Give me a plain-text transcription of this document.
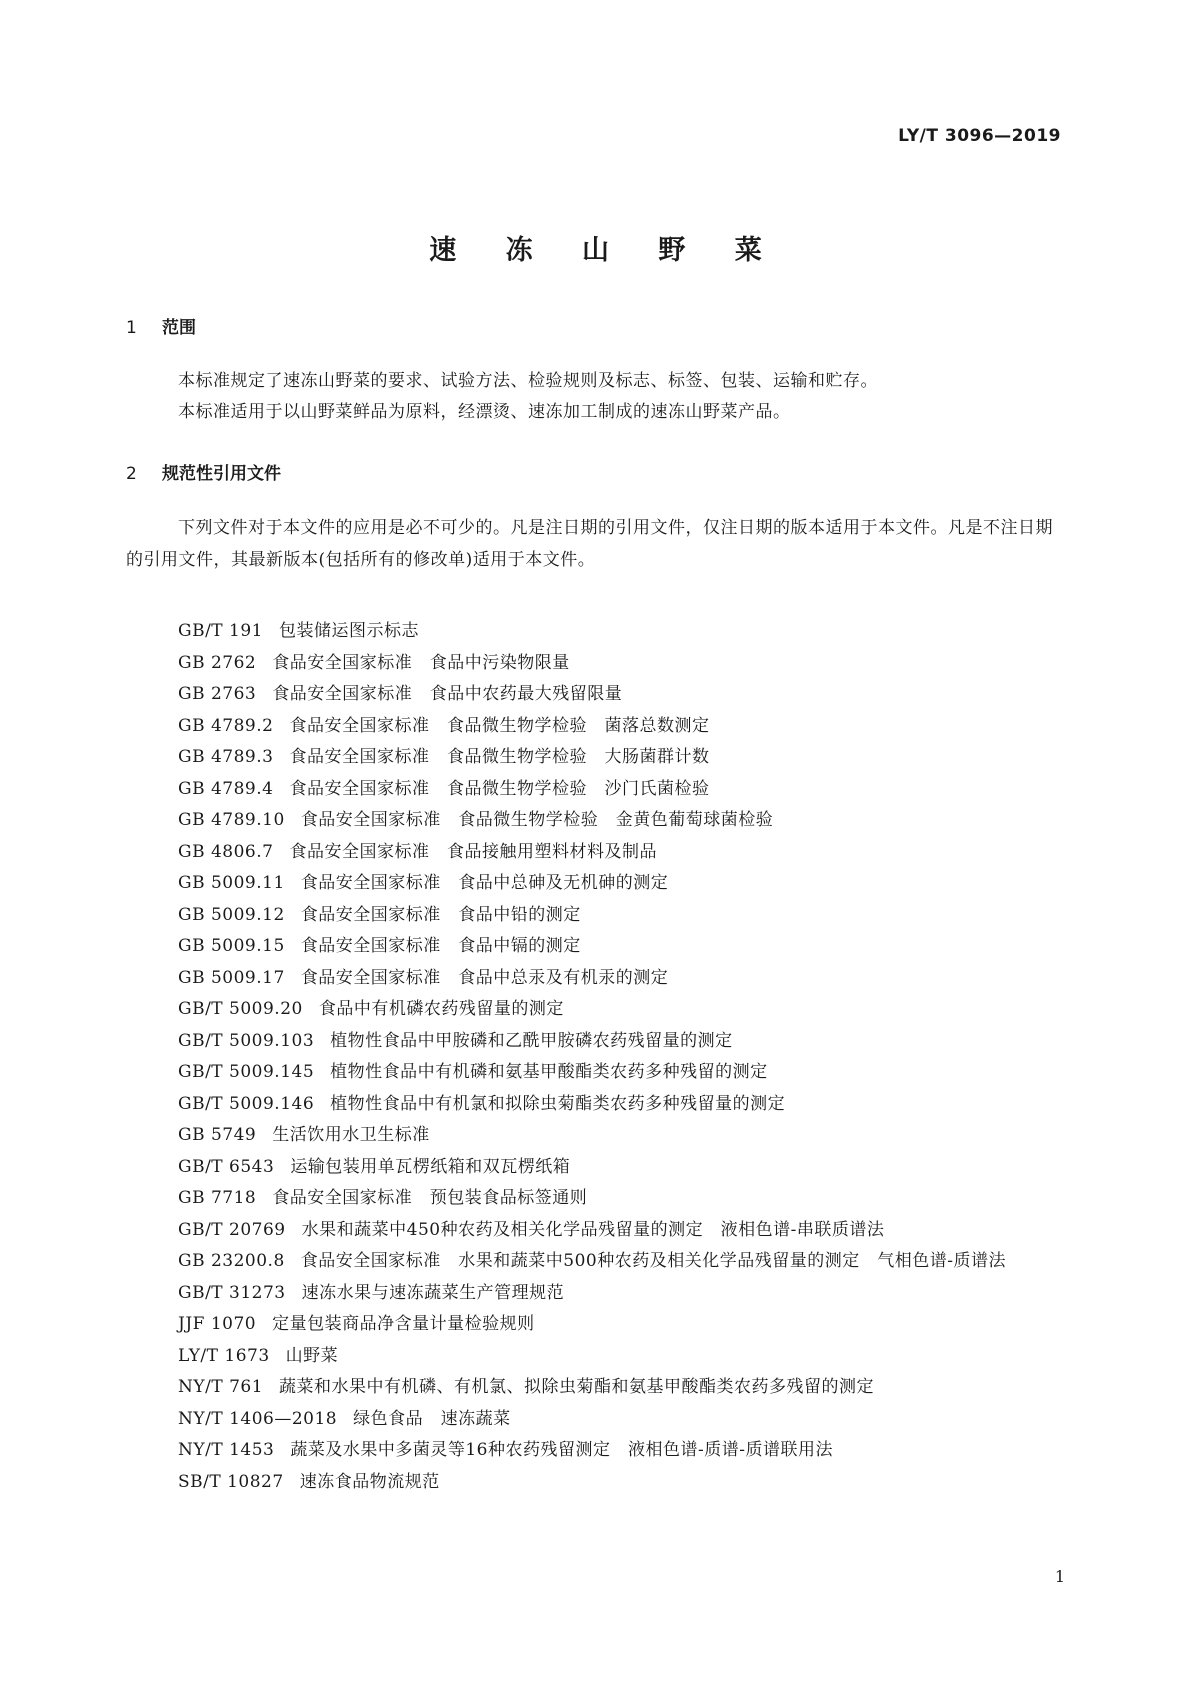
LY/T 3096—2019
速 冻 山 野 菜
1 范围
本标准规定了速冻山野菜的要求、试验方法、检验规则及标志、标签、包装、运输和贮存。
本标准适用于以山野菜鲜品为原料，经漂烫、速冻加工制成的速冻山野菜产品。
2 规范性引用文件
下列文件对于本文件的应用是必不可少的。凡是注日期的引用文件，仅注日期的版本适用于本文件。凡是不注日期的引用文件，其最新版本(包括所有的修改单)适用于本文件。
GB/T 191 包装储运图示标志
GB 2762 食品安全国家标准　食品中污染物限量
GB 2763 食品安全国家标准　食品中农药最大残留限量
GB 4789.2 食品安全国家标准　食品微生物学检验　菌落总数测定
GB 4789.3 食品安全国家标准　食品微生物学检验　大肠菌群计数
GB 4789.4 食品安全国家标准　食品微生物学检验　沙门氏菌检验
GB 4789.10 食品安全国家标准　食品微生物学检验　金黄色葡萄球菌检验
GB 4806.7 食品安全国家标准　食品接触用塑料材料及制品
GB 5009.11 食品安全国家标准　食品中总砷及无机砷的测定
GB 5009.12 食品安全国家标准　食品中铅的测定
GB 5009.15 食品安全国家标准　食品中镉的测定
GB 5009.17 食品安全国家标准　食品中总汞及有机汞的测定
GB/T 5009.20 食品中有机磷农药残留量的测定
GB/T 5009.103 植物性食品中甲胺磷和乙酰甲胺磷农药残留量的测定
GB/T 5009.145 植物性食品中有机磷和氨基甲酸酯类农药多种残留的测定
GB/T 5009.146 植物性食品中有机氯和拟除虫菊酯类农药多种残留量的测定
GB 5749 生活饮用水卫生标准
GB/T 6543 运输包装用单瓦楞纸箱和双瓦楞纸箱
GB 7718 食品安全国家标准　预包装食品标签通则
GB/T 20769 水果和蔬菜中450种农药及相关化学品残留量的测定　液相色谱-串联质谱法
GB 23200.8 食品安全国家标准　水果和蔬菜中500种农药及相关化学品残留量的测定　气相色谱-质谱法
GB/T 31273 速冻水果与速冻蔬菜生产管理规范
JJF 1070 定量包装商品净含量计量检验规则
LY/T 1673 山野菜
NY/T 761 蔬菜和水果中有机磷、有机氯、拟除虫菊酯和氨基甲酸酯类农药多残留的测定
NY/T 1406—2018 绿色食品　速冻蔬菜
NY/T 1453 蔬菜及水果中多菌灵等16种农药残留测定　液相色谱-质谱-质谱联用法
SB/T 10827 速冻食品物流规范
1
